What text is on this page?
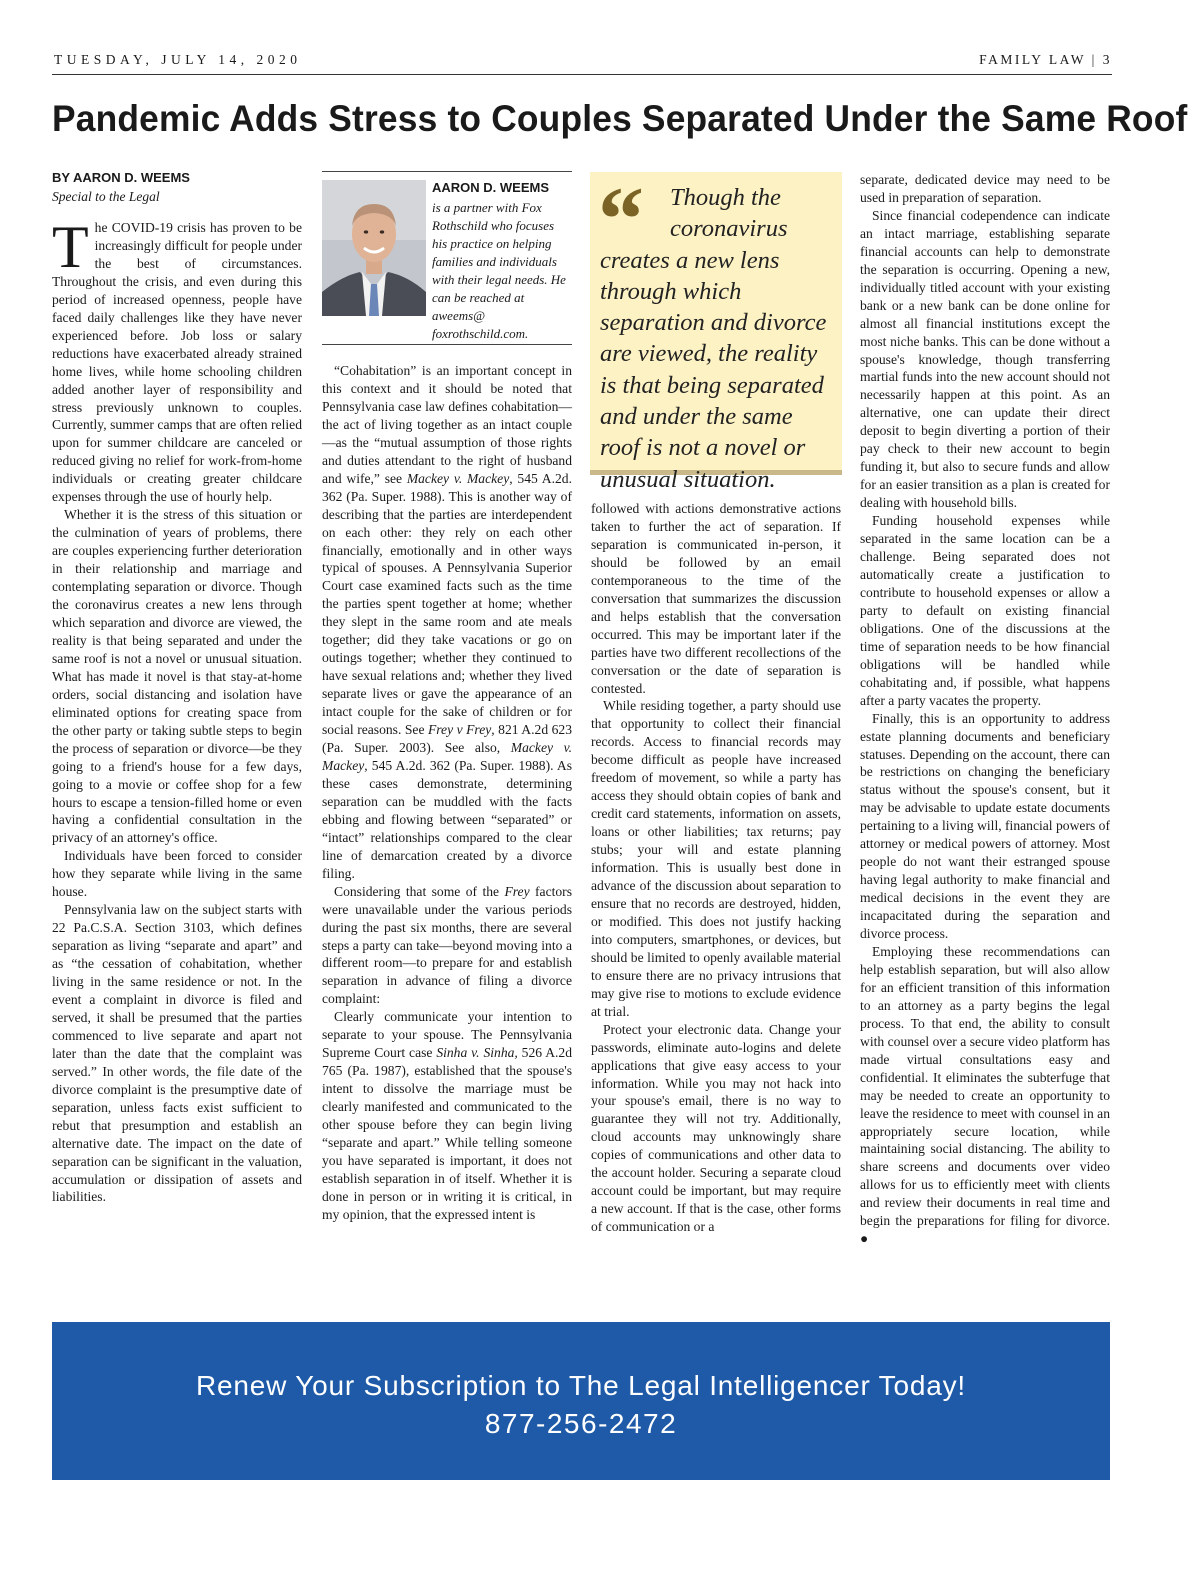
TUESDAY, JULY 14, 2020	FAMILY LAW | 3
Pandemic Adds Stress to Couples Separated Under the Same Roof
BY AARON D. WEEMS
Special to the Legal

The COVID-19 crisis has proven to be increasingly difficult for people under the best of circumstances. Throughout the crisis, and even during this period of increased openness, people have faced daily challenges like they have never experienced before. Job loss or salary reductions have exacerbated already strained home lives, while home schooling children added another layer of responsibility and stress previously unknown to couples. Currently, summer camps that are often relied upon for summer childcare are canceled or reduced giving no relief for work-from-home individuals or creating greater childcare expenses through the use of hourly help.

Whether it is the stress of this situation or the culmination of years of problems, there are couples experiencing further deterioration in their relationship and marriage and contemplating separation or divorce. Though the coronavirus creates a new lens through which separation and divorce are viewed, the reality is that being separated and under the same roof is not a novel or unusual situation. What has made it novel is that stay-at-home orders, social distancing and isolation have eliminated options for creating space from the other party or taking subtle steps to begin the process of separation or divorce—be they going to a friend's house for a few days, going to a movie or coffee shop for a few hours to escape a tension-filled home or even having a confidential consultation in the privacy of an attorney's office.

Individuals have been forced to consider how they separate while living in the same house.

Pennsylvania law on the subject starts with 22 Pa.C.S.A. Section 3103, which defines separation as living “separate and apart” and as “the cessation of cohabitation, whether living in the same residence or not. In the event a complaint in divorce is filed and served, it shall be presumed that the parties commenced to live separate and apart not later than the date that the complaint was served.” In other words, the file date of the divorce complaint is the presumptive date of separation, unless facts exist sufficient to rebut that presumption and establish an alternative date. The impact on the date of separation can be significant in the valuation, accumulation or dissipation of assets and liabilities.

AARON D. WEEMS
is a partner with Fox Rothschild who focuses his practice on helping families and individuals with their legal needs. He can be reached at aweems@ foxrothschild.com.

“Cohabitation” is an important concept in this context and it should be noted that Pennsylvania case law defines cohabitation—the act of living together as an intact couple—as the “mutual assumption of those rights and duties attendant to the right of husband and wife,” see Mackey v. Mackey, 545 A.2d. 362 (Pa. Super. 1988). This is another way of describing that the parties are interdependent on each other: they rely on each other financially, emotionally and in other ways typical of spouses. A Pennsylvania Superior Court case examined facts such as the time the parties spent together at home; whether they slept in the same room and ate meals together; did they take vacations or go on outings together; whether they continued to have sexual relations and; whether they lived separate lives or gave the appearance of an intact couple for the sake of children or for social reasons. See Frey v Frey, 821 A.2d 623 (Pa. Super. 2003). See also, Mackey v. Mackey, 545 A.2d. 362 (Pa. Super. 1988). As these cases demonstrate, determining separation can be muddled with the facts ebbing and flowing between “separated” or “intact” relationships compared to the clear line of demarcation created by a divorce filing.

Considering that some of the Frey factors were unavailable under the various periods during the past six months, there are several steps a party can take—beyond moving into a different room—to prepare for and establish separation in advance of filing a divorce complaint:

Clearly communicate your intention to separate to your spouse. The Pennsylvania Supreme Court case Sinha v. Sinha, 526 A.2d 765 (Pa. 1987), established that the spouse's intent to dissolve the marriage must be clearly manifested and communicated to the other spouse before they can begin living “separate and apart.” While telling someone you have separated is important, it does not establish separation in of itself. Whether it is done in person or in writing it is critical, in my opinion, that the expressed intent is

“	Though the coronavirus
creates a new lens through which separation and divorce are viewed, the reality is that being separated and under the same roof is not a novel or unusual situation.

followed with actions demonstrative actions taken to further the act of separation. If separation is communicated in-person, it should be followed by an email contemporaneous to the time of the conversation that summarizes the discussion and helps establish that the conversation occurred. This may be important later if the parties have two different recollections of the conversation or the date of separation is contested.

While residing together, a party should use that opportunity to collect their financial records. Access to financial records may become difficult as people have increased freedom of movement, so while a party has access they should obtain copies of bank and credit card statements, information on assets, loans or other liabilities; tax returns; pay stubs; your will and estate planning information. This is usually best done in advance of the discussion about separation to ensure that no records are destroyed, hidden, or modified. This does not justify hacking into computers, smartphones, or devices, but should be limited to openly available material to ensure there are no privacy intrusions that may give rise to motions to exclude evidence at trial.

Protect your electronic data. Change your passwords, eliminate auto-logins and delete applications that give easy access to your information. While you may not hack into your spouse's email, there is no way to guarantee they will not try. Additionally, cloud accounts may unknowingly share copies of communications and other data to the account holder. Securing a separate cloud account could be important, but may require a new account. If that is the case, other forms of communication or a

separate, dedicated device may need to be used in preparation of separation.

Since financial codependence can indicate an intact marriage, establishing separate financial accounts can help to demonstrate the separation is occurring. Opening a new, individually titled account with your existing bank or a new bank can be done online for almost all financial institutions except the most niche banks. This can be done without a spouse's knowledge, though transferring martial funds into the new account should not necessarily happen at this point. As an alternative, one can update their direct deposit to begin diverting a portion of their pay check to their new account to begin funding it, but also to secure funds and allow for an easier transition as a plan is created for dealing with household bills.

Funding household expenses while separated in the same location can be a challenge. Being separated does not automatically create a justification to contribute to household expenses or allow a party to default on existing financial obligations. One of the discussions at the time of separation needs to be how financial obligations will be handled while cohabitating and, if possible, what happens after a party vacates the property.

Finally, this is an opportunity to address estate planning documents and beneficiary statuses. Depending on the account, there can be restrictions on changing the beneficiary status without the spouse's consent, but it may be advisable to update estate documents pertaining to a living will, financial powers of attorney or medical powers of attorney. Most people do not want their estranged spouse having legal authority to make financial and medical decisions in the event they are incapacitated during the separation and divorce process.

Employing these recommendations can help establish separation, but will also allow for an efficient transition of this information to an attorney as a party begins the legal process. To that end, the ability to consult with counsel over a secure video platform has made virtual consultations easy and confidential. It eliminates the subterfuge that may be needed to create an opportunity to leave the residence to meet with counsel in an appropriately secure location, while maintaining social distancing. The ability to share screens and documents over video allows for us to efficiently meet with clients and review their documents in real time and begin the preparations for filing for divorce. ●

Renew Your Subscription to The Legal Intelligencer Today!
877-256-2472
